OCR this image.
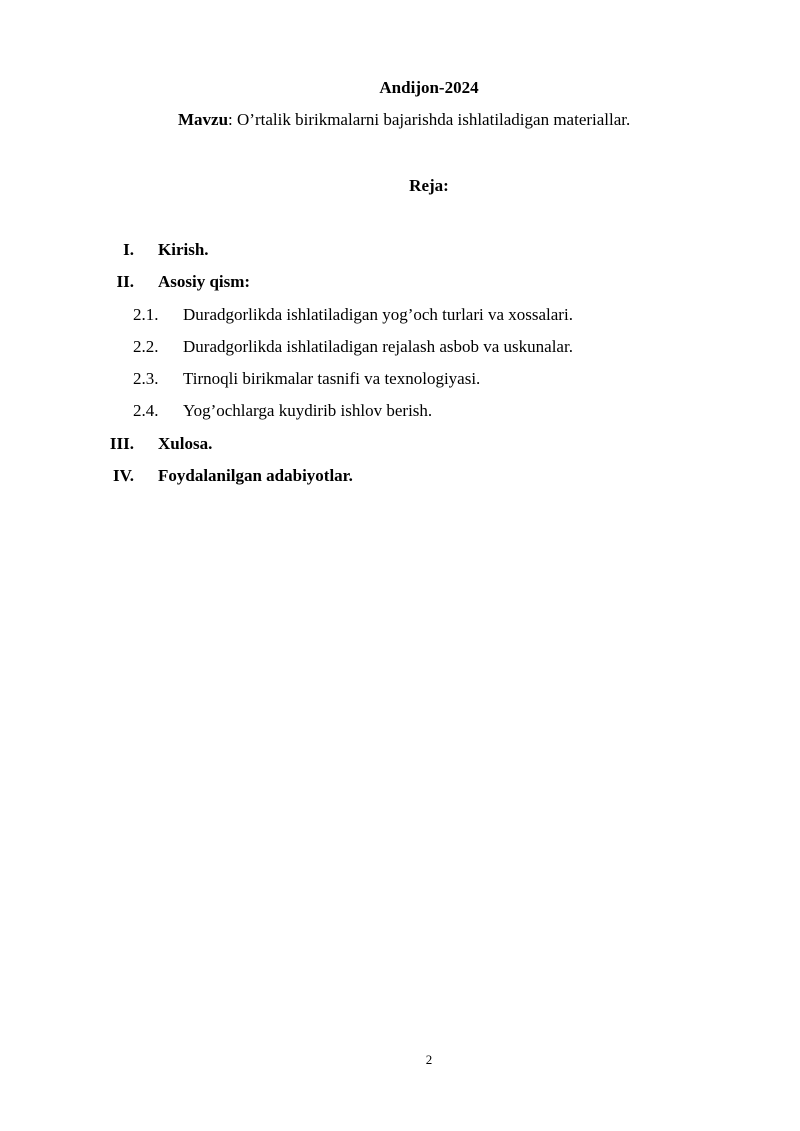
Andijon-2024
Mavzu: O’rtalik birikmalarni bajarishda ishlatiladigan materiallar.
Reja:
I. Kirish.
II. Asosiy qism:
2.1. Duradgorlikda ishlatiladigan yog’och turlari va xossalari.
2.2. Duradgorlikda ishlatiladigan rejalash asbob va uskunalar.
2.3. Tirnoqli birikmalar tasnifi va texnologiyasi.
2.4. Yog’ochlarga kuydirib ishlov berish.
III. Xulosa.
IV. Foydalanilgan adabiyotlar.
2
